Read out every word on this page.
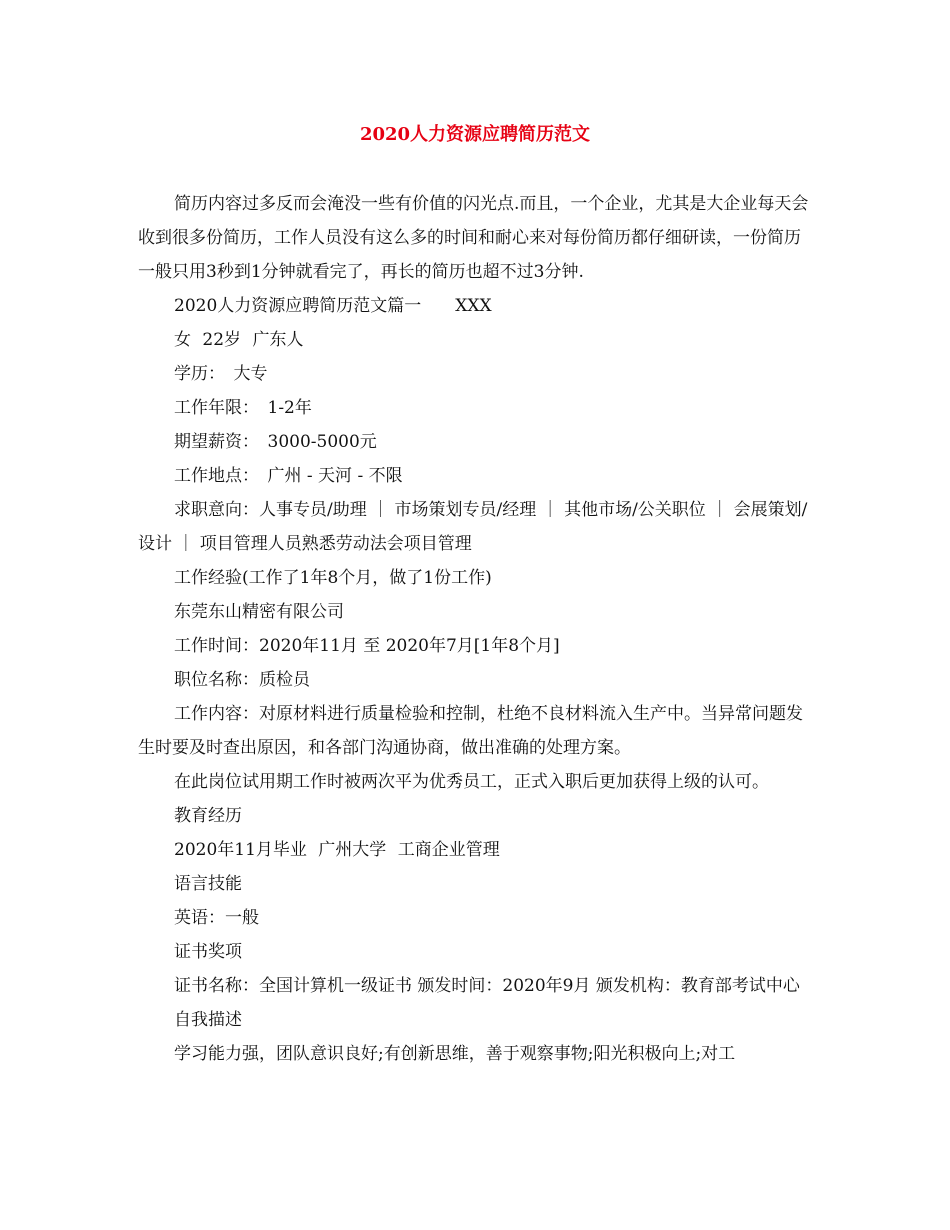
2020人力资源应聘简历范文

简历内容过多反而会淹没一些有价值的闪光点.而且，一个企业，尤其是大企业每天会收到很多份简历，工作人员没有这么多的时间和耐心来对每份简历都仔细研读，一份简历一般只用3秒到1分钟就看完了，再长的简历也超不过3分钟.

2020人力资源应聘简历范文篇一　　XXX

女 22岁 广东人

学历：　大专

工作年限：　1-2年

期望薪资：　3000-5000元

工作地点：　广州 - 天河 - 不限

求职意向：人事专员/助理 ｜ 市场策划专员/经理 ｜ 其他市场/公关职位 ｜ 会展策划/设计 ｜ 项目管理人员熟悉劳动法会项目管理

工作经验(工作了1年8个月，做了1份工作)

东莞东山精密有限公司

工作时间：2020年11月 至 2020年7月[1年8个月]

职位名称：质检员

工作内容：对原材料进行质量检验和控制，杜绝不良材料流入生产中。当异常问题发生时要及时查出原因，和各部门沟通协商，做出准确的处理方案。

在此岗位试用期工作时被两次平为优秀员工，正式入职后更加获得上级的认可。

教育经历

2020年11月毕业 广州大学 工商企业管理

语言技能

英语：一般

证书奖项

证书名称：全国计算机一级证书 颁发时间：2020年9月 颁发机构：教育部考试中心

自我描述

学习能力强，团队意识良好;有创新思维，善于观察事物;阳光积极向上;对工
